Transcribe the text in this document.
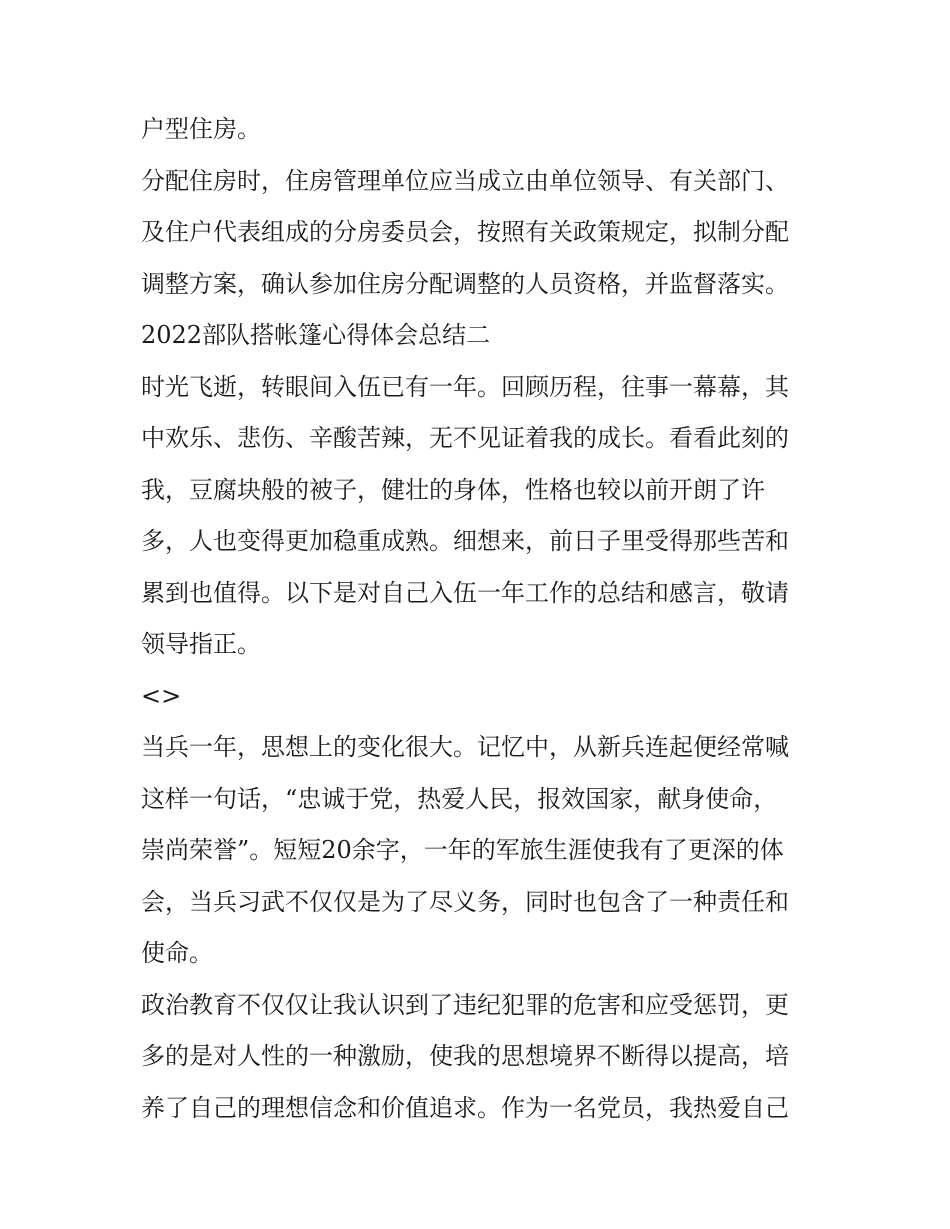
户型住房。
分配住房时，住房管理单位应当成立由单位领导、有关部门、
及住户代表组成的分房委员会，按照有关政策规定，拟制分配
调整方案，确认参加住房分配调整的人员资格，并监督落实。
2022部队搭帐篷心得体会总结二
时光飞逝，转眼间入伍已有一年。回顾历程，往事一幕幕，其
中欢乐、悲伤、辛酸苦辣，无不见证着我的成长。看看此刻的
我，豆腐块般的被子，健壮的身体，性格也较以前开朗了许
多，人也变得更加稳重成熟。细想来，前日子里受得那些苦和
累到也值得。以下是对自己入伍一年工作的总结和感言，敬请
领导指正。
<>
当兵一年，思想上的变化很大。记忆中，从新兵连起便经常喊
这样一句话，“忠诚于党，热爱人民，报效国家，献身使命，
崇尚荣誉”。短短20余字，一年的军旅生涯使我有了更深的体
会，当兵习武不仅仅是为了尽义务，同时也包含了一种责任和
使命。
政治教育不仅仅让我认识到了违纪犯罪的危害和应受惩罚，更
多的是对人性的一种激励，使我的思想境界不断得以提高，培
养了自己的理想信念和价值追求。作为一名党员，我热爱自己
